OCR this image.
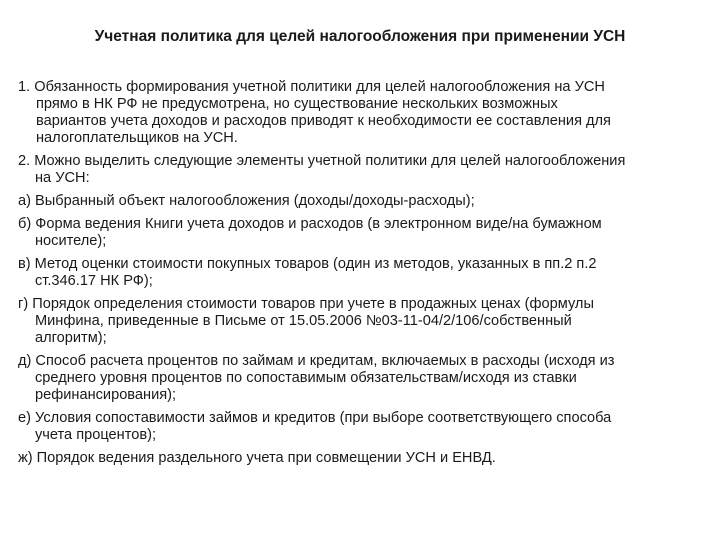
Учетная политика для целей налогообложения при применении УСН
1. Обязанность формирования учетной политики для целей налогообложения на УСН
прямо в НК РФ не предусмотрена, но существование нескольких возможных
вариантов учета доходов и расходов приводят к необходимости ее составления для
налогоплательщиков на УСН.
2. Можно выделить следующие элементы учетной политики для целей налогообложения
на УСН:
а) Выбранный объект налогообложения (доходы/доходы-расходы);
б) Форма ведения Книги учета доходов и расходов (в электронном виде/на бумажном
носителе);
в) Метод оценки стоимости покупных товаров (один из методов, указанных в пп.2 п.2
ст.346.17 НК РФ);
г) Порядок определения стоимости товаров при учете в продажных ценах (формулы
Минфина, приведенные в Письме от 15.05.2006 №03-11-04/2/106/собственный
алгоритм);
д) Способ расчета процентов по займам и кредитам, включаемых в расходы (исходя из
среднего уровня процентов по сопоставимым обязательствам/исходя из ставки
рефинансирования);
е) Условия сопоставимости займов и кредитов (при выборе соответствующего способа
учета процентов);
ж) Порядок ведения раздельного учета при совмещении УСН и ЕНВД.
